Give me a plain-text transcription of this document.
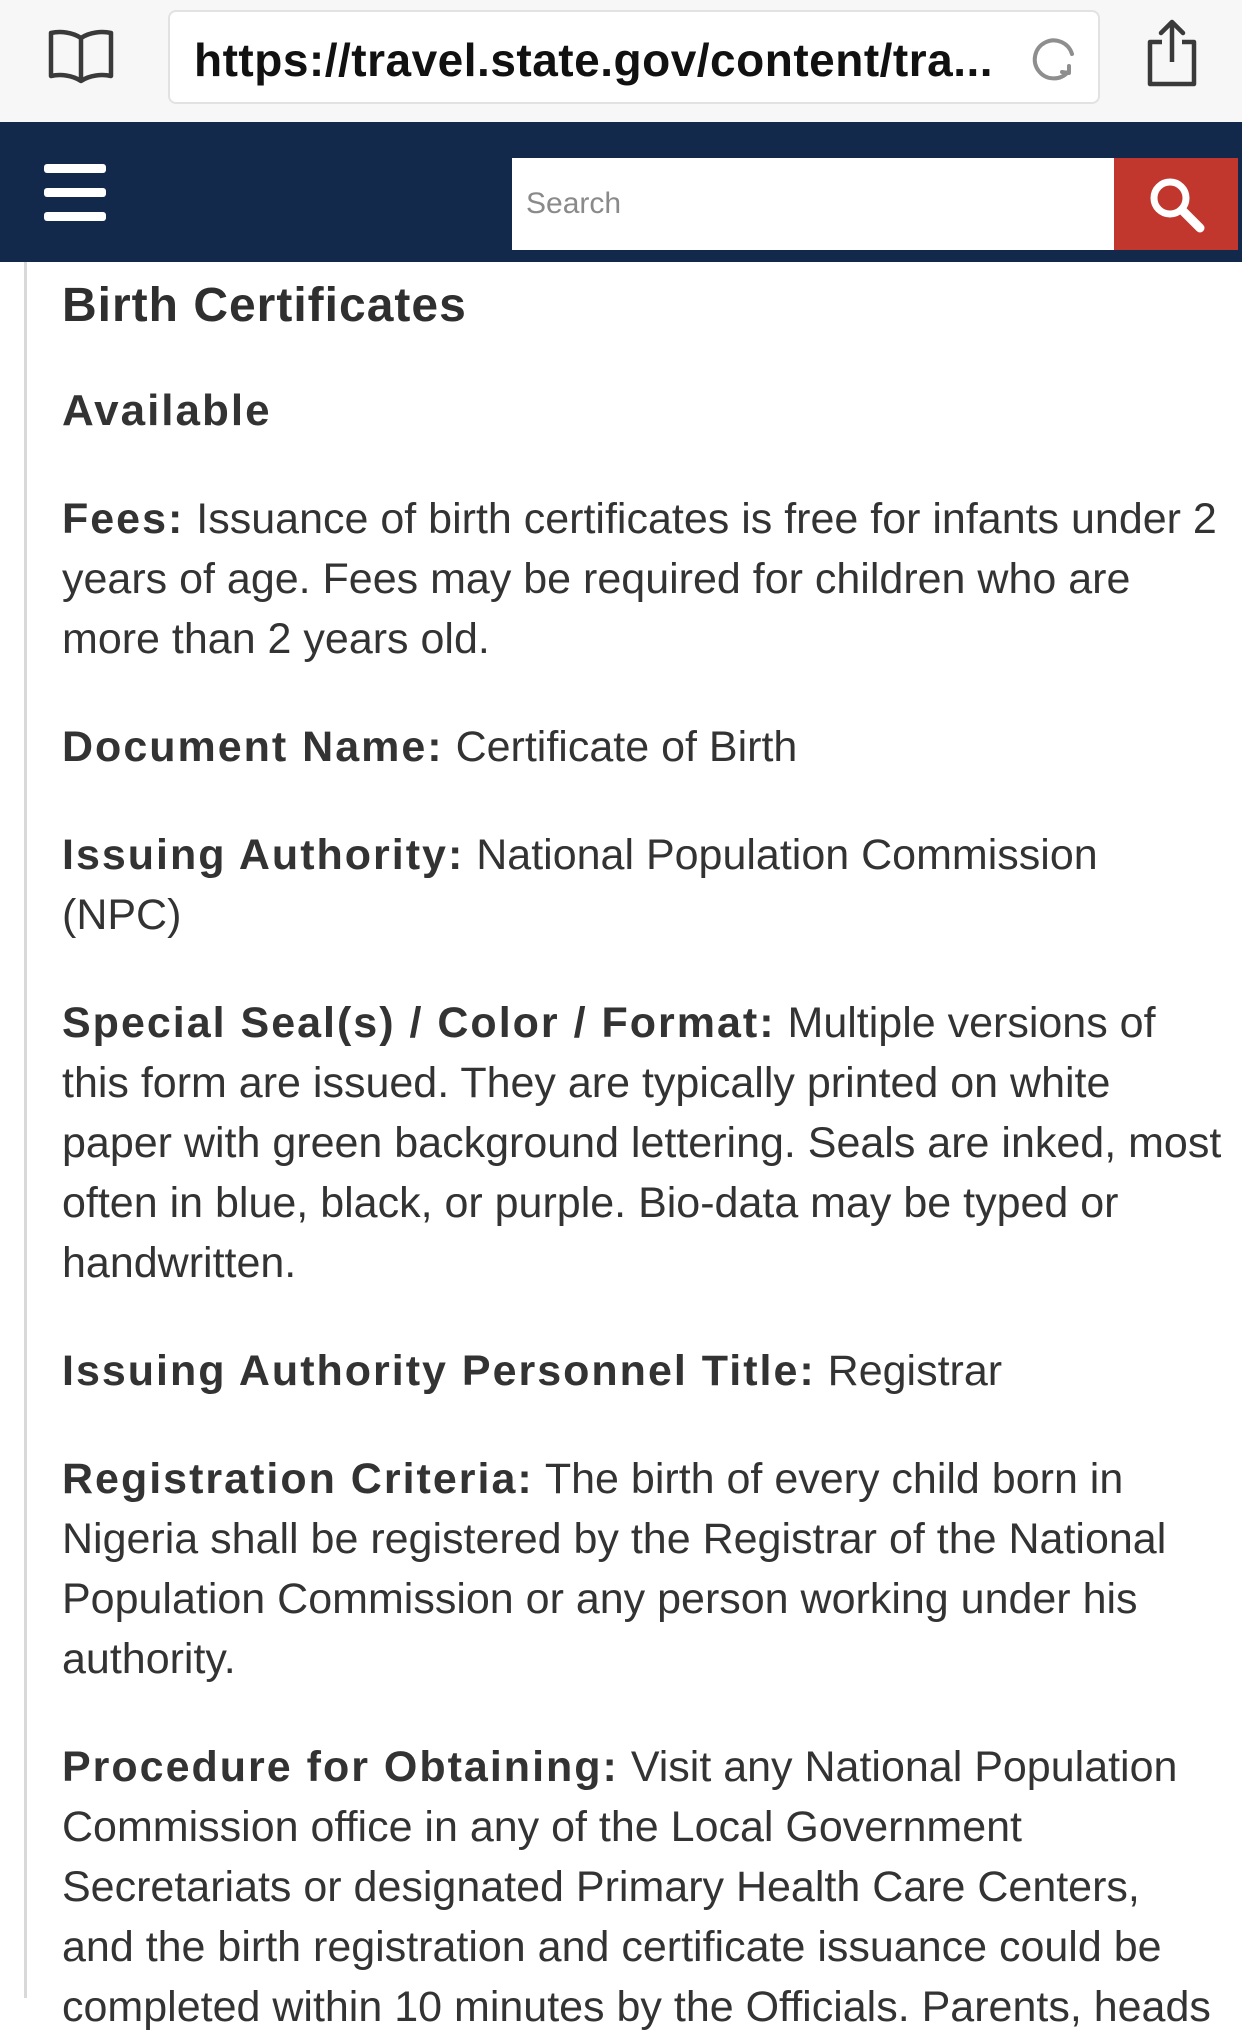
https://travel.state.gov/content/tra...
Search
Birth Certificates
Available

Fees: Issuance of birth certificates is free for infants under 2 years of age. Fees may be required for children who are more than 2 years old.

Document Name: Certificate of Birth

Issuing Authority: National Population Commission (NPC)

Special Seal(s) / Color / Format: Multiple versions of this form are issued. They are typically printed on white paper with green background lettering. Seals are inked, most often in blue, black, or purple. Bio-data may be typed or handwritten.

Issuing Authority Personnel Title: Registrar

Registration Criteria: The birth of every child born in Nigeria shall be registered by the Registrar of the National Population Commission or any person working under his authority.

Procedure for Obtaining: Visit any National Population Commission office in any of the Local Government Secretariats or designated Primary Health Care Centers, and the birth registration and certificate issuance could be completed within 10 minutes by the Officials. Parents, heads
